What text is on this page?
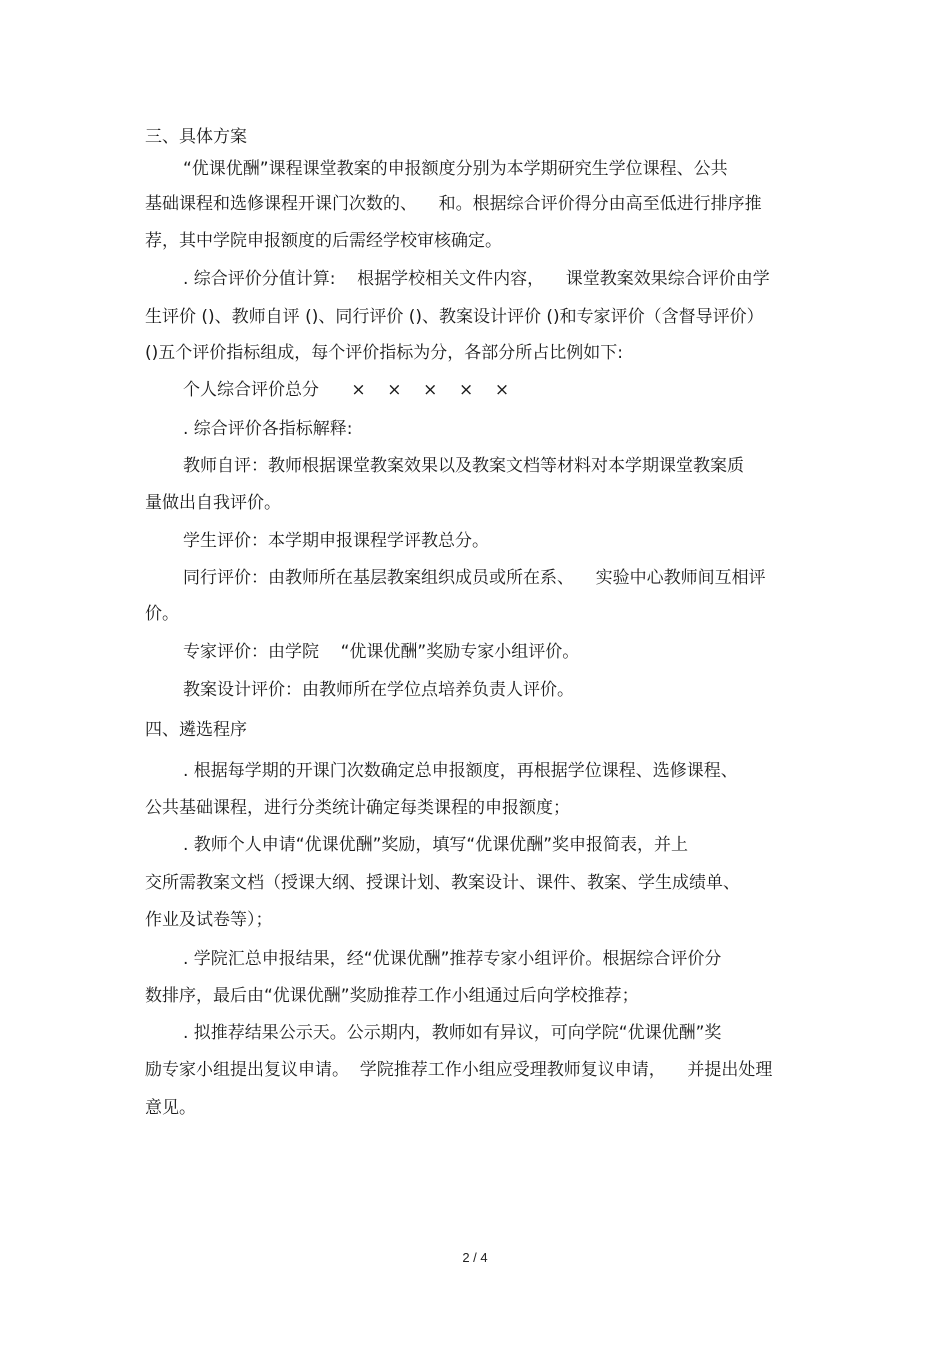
三、具体方案
“优课优酬”课程课堂教案的申报额度分别为本学期研究生学位课程、公共
基础课程和选修课程开课门次数的、    和。根据综合评价得分由高至低进行排序推
荐，其中学院申报额度的后需经学校审核确定。
. 综合评价分值计算:    根据学校相关文件内容，    课堂教案效果综合评价由学
生评价 ()、教师自评 ()、同行评价 ()、教案设计评价 ()和专家评价（含督导评价）
()五个评价指标组成，每个评价指标为分，各部分所占比例如下:
个人综合评价总分      ×    ×    ×    ×    ×
. 综合评价各指标解释:
教师自评：教师根据课堂教案效果以及教案文档等材料对本学期课堂教案质
量做出自我评价。
学生评价：本学期申报课程学评教总分。
同行评价：由教师所在基层教案组织成员或所在系、    实验中心教师间互相评
价。
专家评价：由学院    “优课优酬”奖励专家小组评价。
教案设计评价：由教师所在学位点培养负责人评价。
四、遴选程序
. 根据每学期的开课门次数确定总申报额度，再根据学位课程、选修课程、
公共基础课程，进行分类统计确定每类课程的申报额度；
. 教师个人申请“优课优酬”奖励，填写“优课优酬”奖申报简表，并上
交所需教案文档（授课大纲、授课计划、教案设计、课件、教案、学生成绩单、
作业及试卷等）；
. 学院汇总申报结果，经“优课优酬”推荐专家小组评价。根据综合评价分
数排序，最后由“优课优酬”奖励推荐工作小组通过后向学校推荐；
. 拟推荐结果公示天。公示期内，教师如有异议，可向学院“优课优酬”奖
励专家小组提出复议申请。  学院推荐工作小组应受理教师复议申请，    并提出处理
意见。
2 / 4
